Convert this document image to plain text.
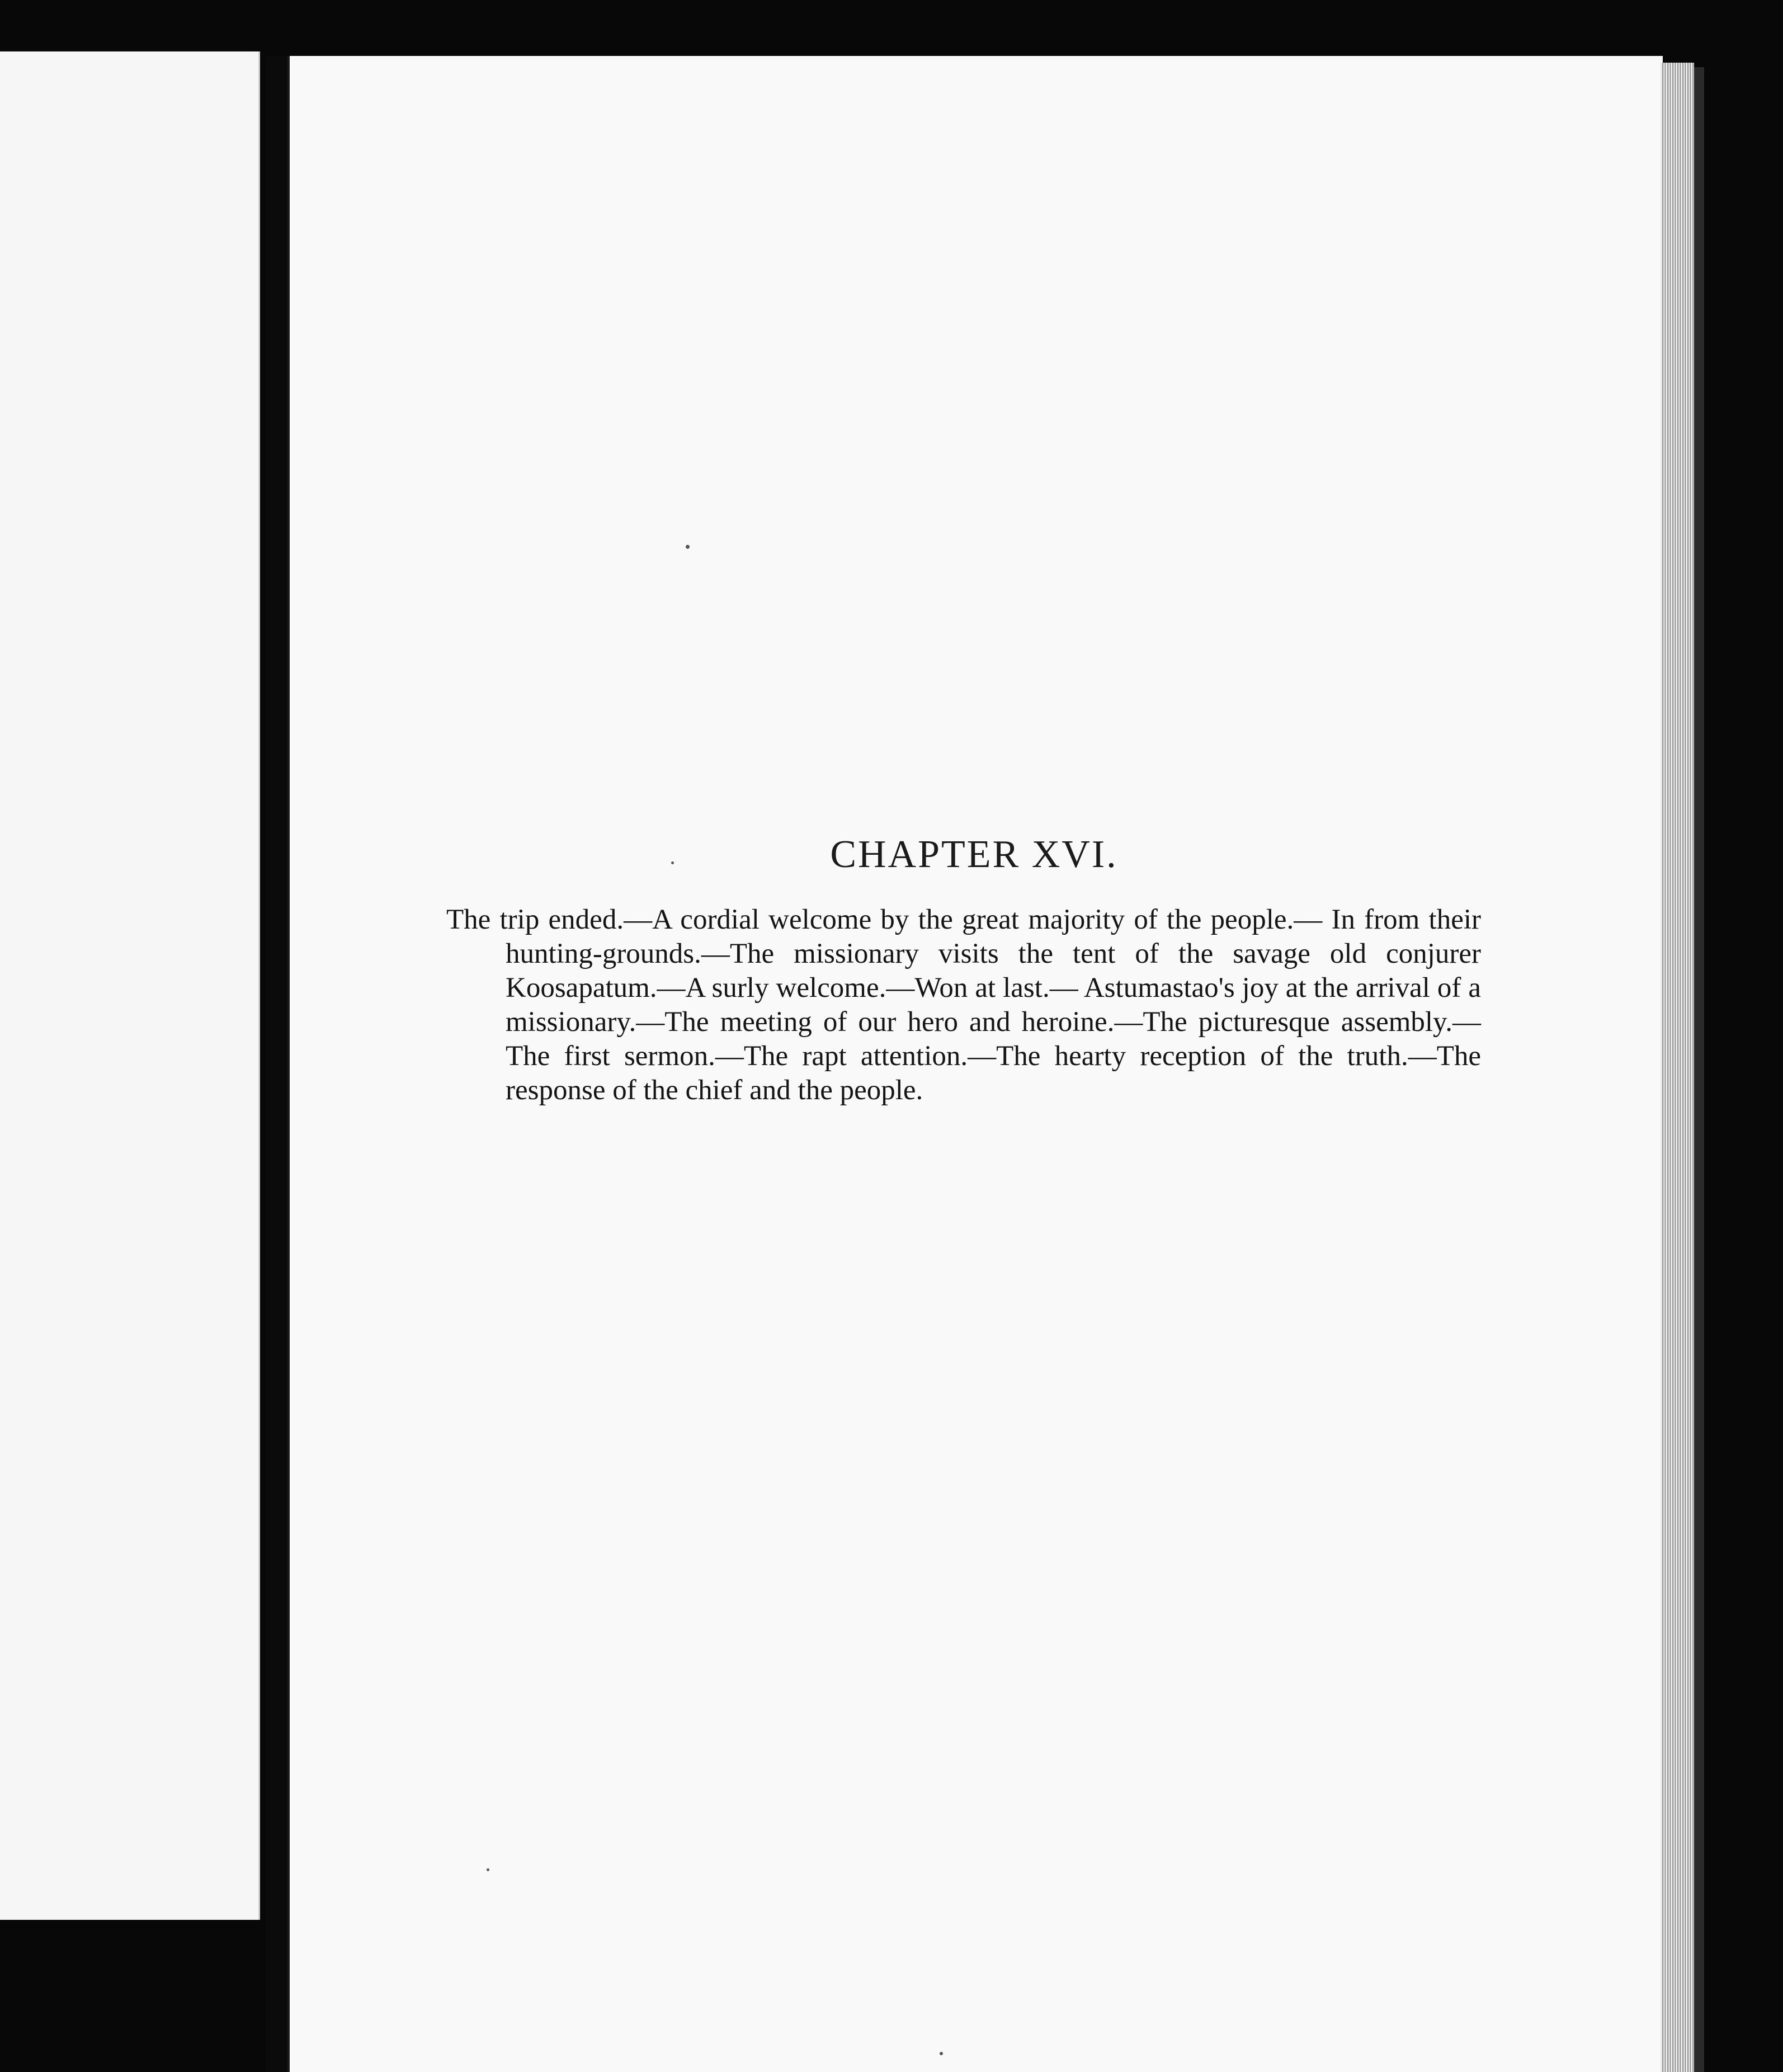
CHAPTER XVI.
The trip ended.—A cordial welcome by the great majority of the people.— In from their hunting-grounds.—The missionary visits the tent of the savage old conjurer Koosapatum.—A surly welcome.—Won at last.— Astumastao's joy at the arrival of a missionary.—The meeting of our hero and heroine.—The picturesque assembly.—The first sermon.—The rapt attention.—The hearty reception of the truth.—The response of the chief and the people.
